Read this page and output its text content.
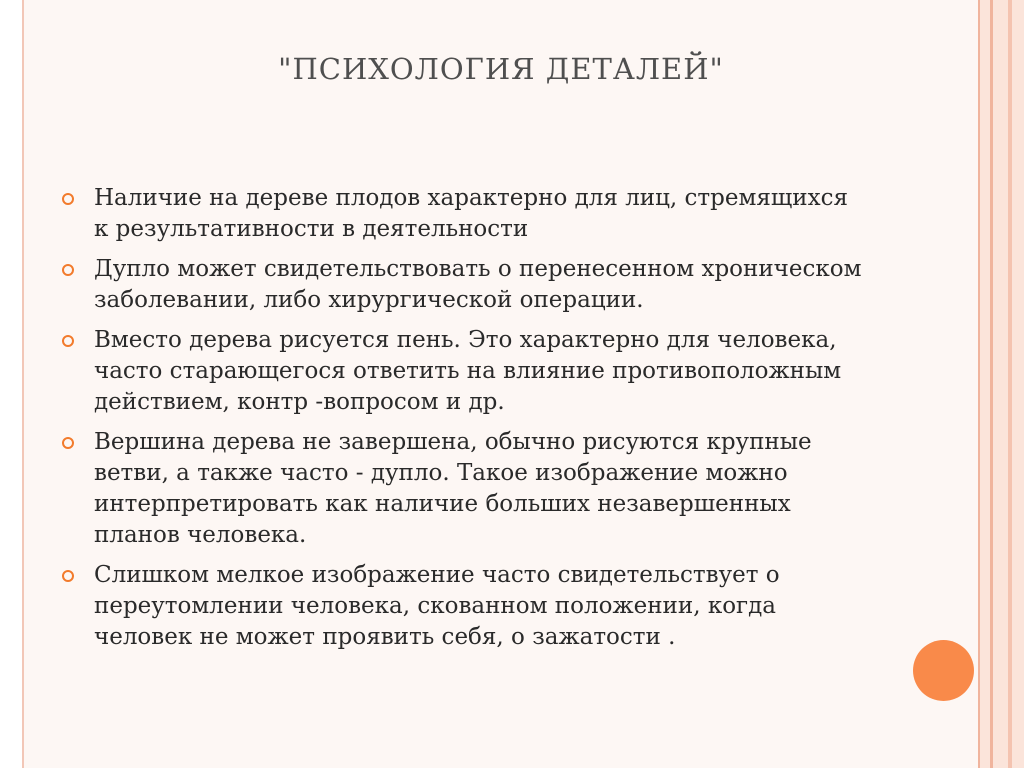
"ПСИХОЛОГИЯ ДЕТАЛЕЙ"
Наличие на дереве плодов характерно для лиц, стремящихся к результативности в деятельности
Дупло может свидетельствовать о перенесенном хроническом заболевании, либо хирургической операции.
Вместо дерева рисуется пень. Это характерно для человека, часто старающегося ответить на влияние противоположным действием, контр -вопросом и др.
Вершина дерева не завершена, обычно рисуются крупные ветви, а также часто - дупло. Такое изображение можно интерпретировать как наличие больших незавершенных планов человека.
Слишком мелкое изображение часто свидетельствует о переутомлении человека, скованном положении, когда человек не может проявить себя, о зажатости .
